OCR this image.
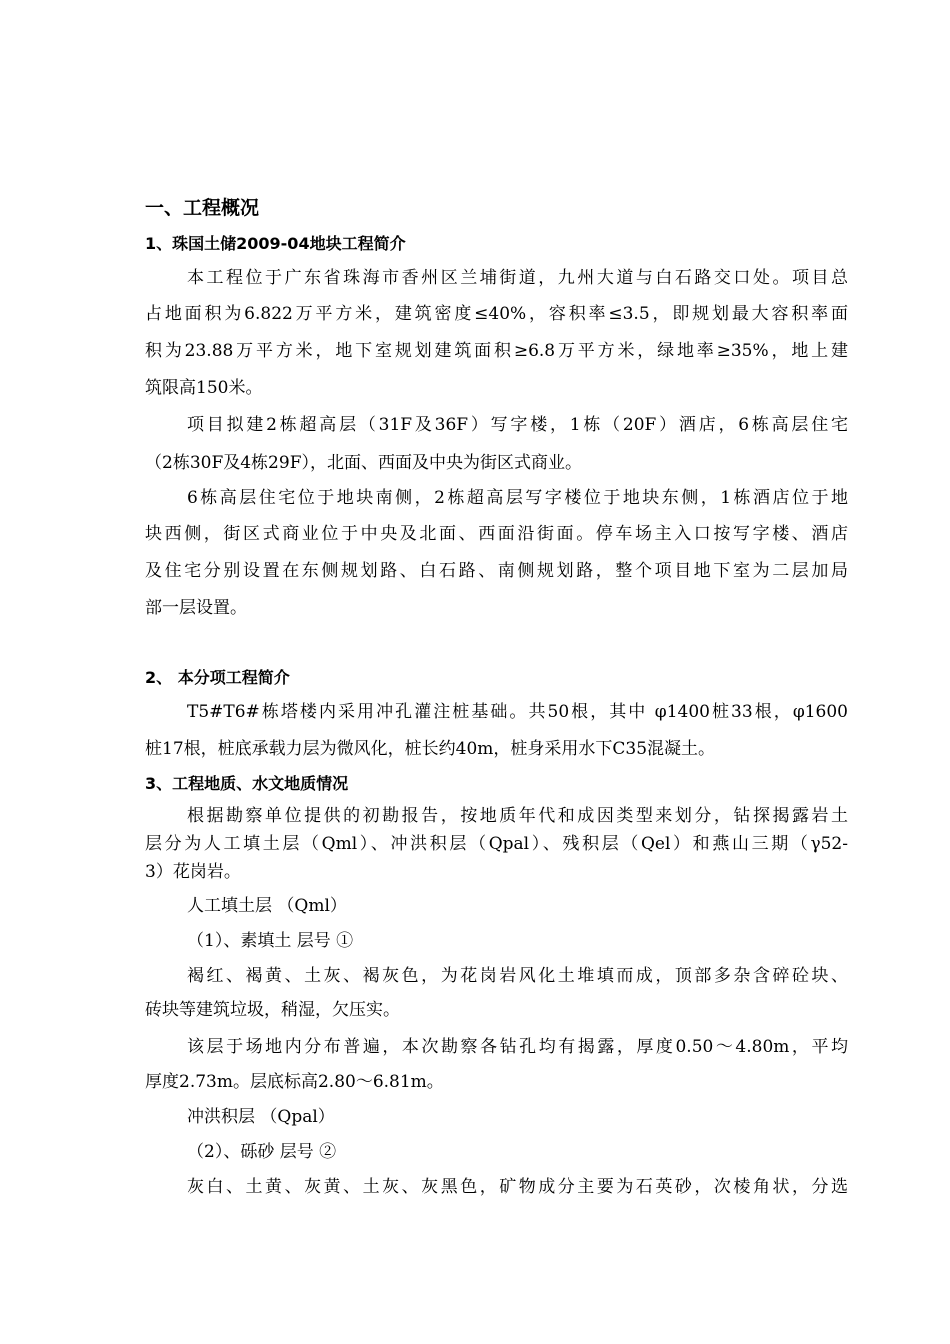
一、工程概况
1、珠国土储2009-04地块工程简介
本工程位于广东省珠海市香州区兰埔街道，九州大道与白石路交口处。项目总
占地面积为6.822万平方米，建筑密度≤40%，容积率≤3.5，即规划最大容积率面
积为23.88万平方米，地下室规划建筑面积≥6.8万平方米，绿地率≥35%，地上建
筑限高150米。
项目拟建2栋超高层（31F及36F）写字楼，1栋（20F）酒店，6栋高层住宅
（2栋30F及4栋29F），北面、西面及中央为街区式商业。
6栋高层住宅位于地块南侧，2栋超高层写字楼位于地块东侧，1栋酒店位于地
块西侧，街区式商业位于中央及北面、西面沿街面。停车场主入口按写字楼、酒店
及住宅分别设置在东侧规划路、白石路、南侧规划路，整个项目地下室为二层加局
部一层设置。
2、 本分项工程简介
T5#T6#栋塔楼内采用冲孔灌注桩基础。共50根，其中 φ1400桩33根，φ1600
桩17根，桩底承载力层为微风化，桩长约40m，桩身采用水下C35混凝土。
3、工程地质、水文地质情况
根据勘察单位提供的初勘报告，按地质年代和成因类型来划分，钻探揭露岩土
层分为人工填土层（Qml）、冲洪积层（Qpal）、残积层（Qel）和燕山三期（γ52-
3）花岗岩。
人工填土层 （Qml）
（1）、素填土 层号 ①
褐红、褐黄、土灰、褐灰色，为花岗岩风化土堆填而成，顶部多杂含碎砼块、
砖块等建筑垃圾，稍湿，欠压实。
该层于场地内分布普遍，本次勘察各钻孔均有揭露，厚度0.50～4.80m，平均
厚度2.73m。层底标高2.80～6.81m。
冲洪积层 （Qpal）
（2）、砾砂 层号 ②
灰白、土黄、灰黄、土灰、灰黑色，矿物成分主要为石英砂，次棱角状，分选
